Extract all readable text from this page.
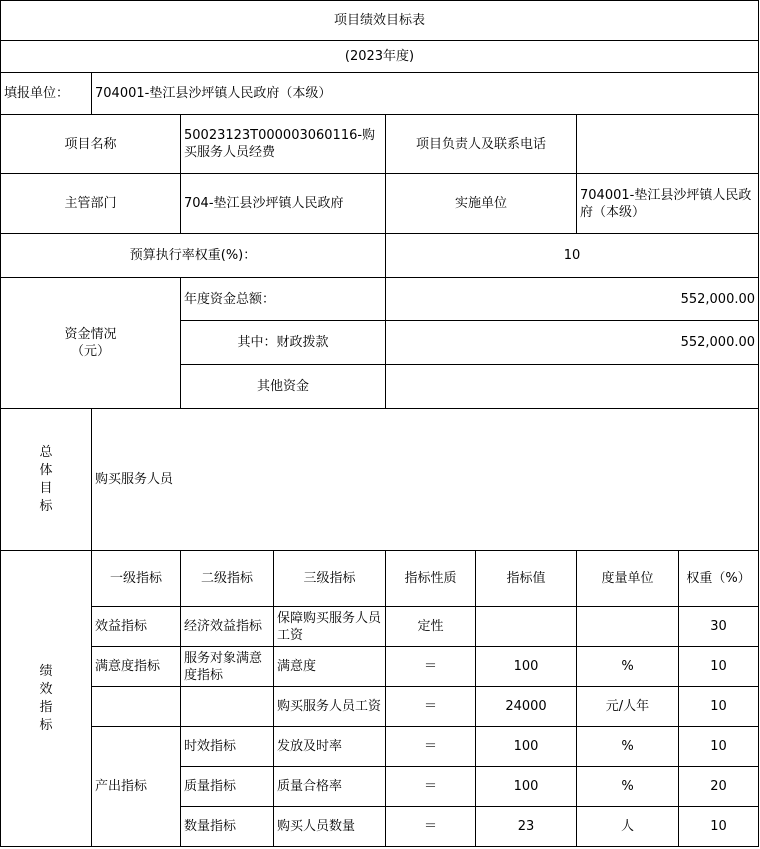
项目绩效目标表							
(2023年度)							
填报单位：	704001-垫江县沙坪镇人民政府（本级）						
项目名称		50023123T000003060116-购买服务人员经费		项目负责人及联系电话			
主管部门		704-垫江县沙坪镇人民政府		实施单位		704001-垫江县沙坪镇人民政府（本级）	
预算执行率权重(%)：				10			
资金情况（元）		年度资金总额：		552,000.00			
		其中：财政拨款		552,000.00			
		其他资金					
总体目标	购买服务人员						
绩效指标	一级指标	二级指标	三级指标	指标性质	指标值	度量单位	权重（%）
	效益指标	经济效益指标	保障购买服务人员工资	定性			30
	满意度指标	服务对象满意度指标	满意度	＝	100	%	10
			购买服务人员工资	＝	24000	元/人年	10
	产出指标	时效指标	发放及时率	＝	100	%	10
		质量指标	质量合格率	＝	100	%	20
		数量指标	购买人员数量	＝	23	人	10
